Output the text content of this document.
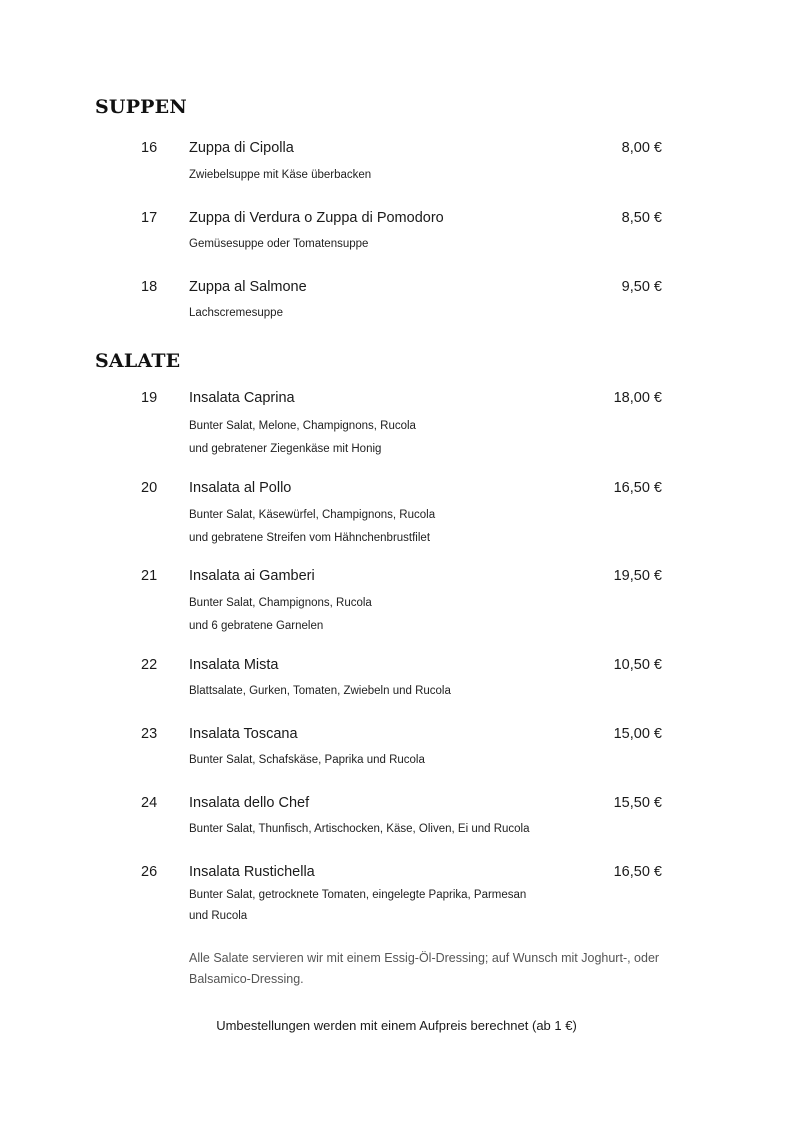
SUPPEN
16 Zuppa di Cipolla	8,00 €

Zwiebelsuppe mit Käse überbacken

17 Zuppa di Verdura o Zuppa di Pomodoro	8,50 €

Gemüsesuppe oder Tomatensuppe

18 Zuppa al Salmone	9,50 €

Lachscremesuppe

SALATE
19 Insalata Caprina	18,00 €

Bunter Salat, Melone, Champignons, Rucola

und gebratener Ziegenkäse mit Honig

20 Insalata al Pollo	16,50 €

Bunter Salat, Käsewürfel, Champignons, Rucola

und gebratene Streifen vom Hähnchenbrustfilet

21 Insalata ai Gamberi	19,50 €

Bunter Salat, Champignons, Rucola

und 6 gebratene Garnelen

22 Insalata Mista	10,50 €

Blattsalate, Gurken, Tomaten, Zwiebeln und Rucola

23 Insalata Toscana	15,00 €

Bunter Salat, Schafskäse, Paprika und Rucola

24 Insalata dello Chef	15,50 €

Bunter Salat, Thunfisch, Artischocken, Käse, Oliven, Ei und Rucola

26 Insalata Rustichella	16,50 €

Bunter Salat, getrocknete Tomaten, eingelegte Paprika, Parmesan

und Rucola

Alle Salate servieren wir mit einem Essig-Öl-Dressing; auf Wunsch mit Joghurt-, oder Balsamico-Dressing.

Umbestellungen werden mit einem Aufpreis berechnet (ab 1 €)
